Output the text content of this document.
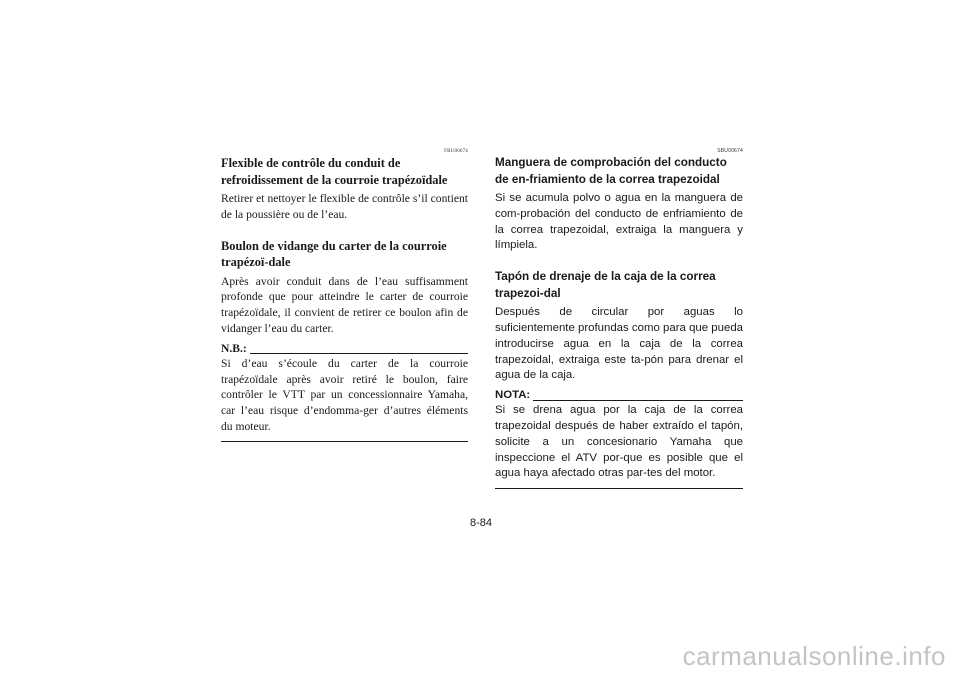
FBU00674
Flexible de contrôle du conduit de refroidissement de la courroie trapézoïdale

Retirer et nettoyer le flexible de contrôle s’il contient de la poussière ou de l’eau.

Boulon de vidange du carter de la courroie trapézoï-dale

Après avoir conduit dans de l’eau suffisamment profonde que pour atteindre le carter de courroie trapézoïdale, il convient de retirer ce boulon afin de vidanger l’eau du carter.

N.B.:

Si d’eau s’écoule du carter de la courroie trapézoïdale après avoir retiré le boulon, faire contrôler le VTT par un concessionnaire Yamaha, car l’eau risque d’endomma-ger d’autres éléments du moteur.

SBU00674
Manguera de comprobación del conducto de en-friamiento de la correa trapezoidal

Si se acumula polvo o agua en la manguera de com-probación del conducto de enfriamiento de la correa trapezoidal, extraiga la manguera y límpiela.

Tapón de drenaje de la caja de la correa trapezoi-dal

Después de circular por aguas lo suficientemente profundas como para que pueda introducirse agua en la caja de la correa trapezoidal, extraiga este ta-pón para drenar el agua de la caja.

NOTA:

Si se drena agua por la caja de la correa trapezoidal después de haber extraído el tapón, solicite a un concesionario Yamaha que inspeccione el ATV por-que es posible que el agua haya afectado otras par-tes del motor.

8-84
carmanualsonline.info
